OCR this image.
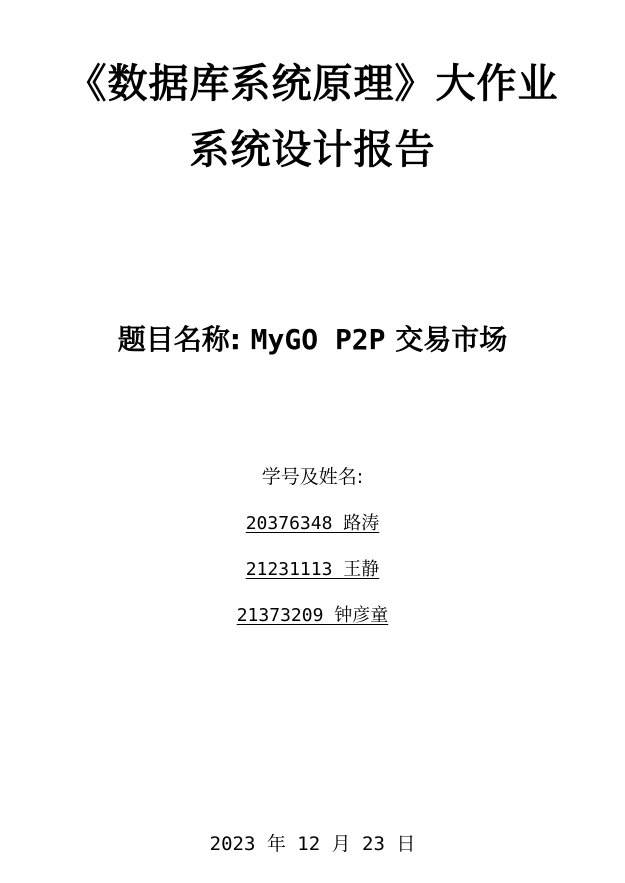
《数据库系统原理》大作业
系统设计报告
题目名称: MyGO P2P 交易市场
学号及姓名:
20376348 路涛
21231113 王静
21373209 钟彦童
2023 年 12 月 23 日
